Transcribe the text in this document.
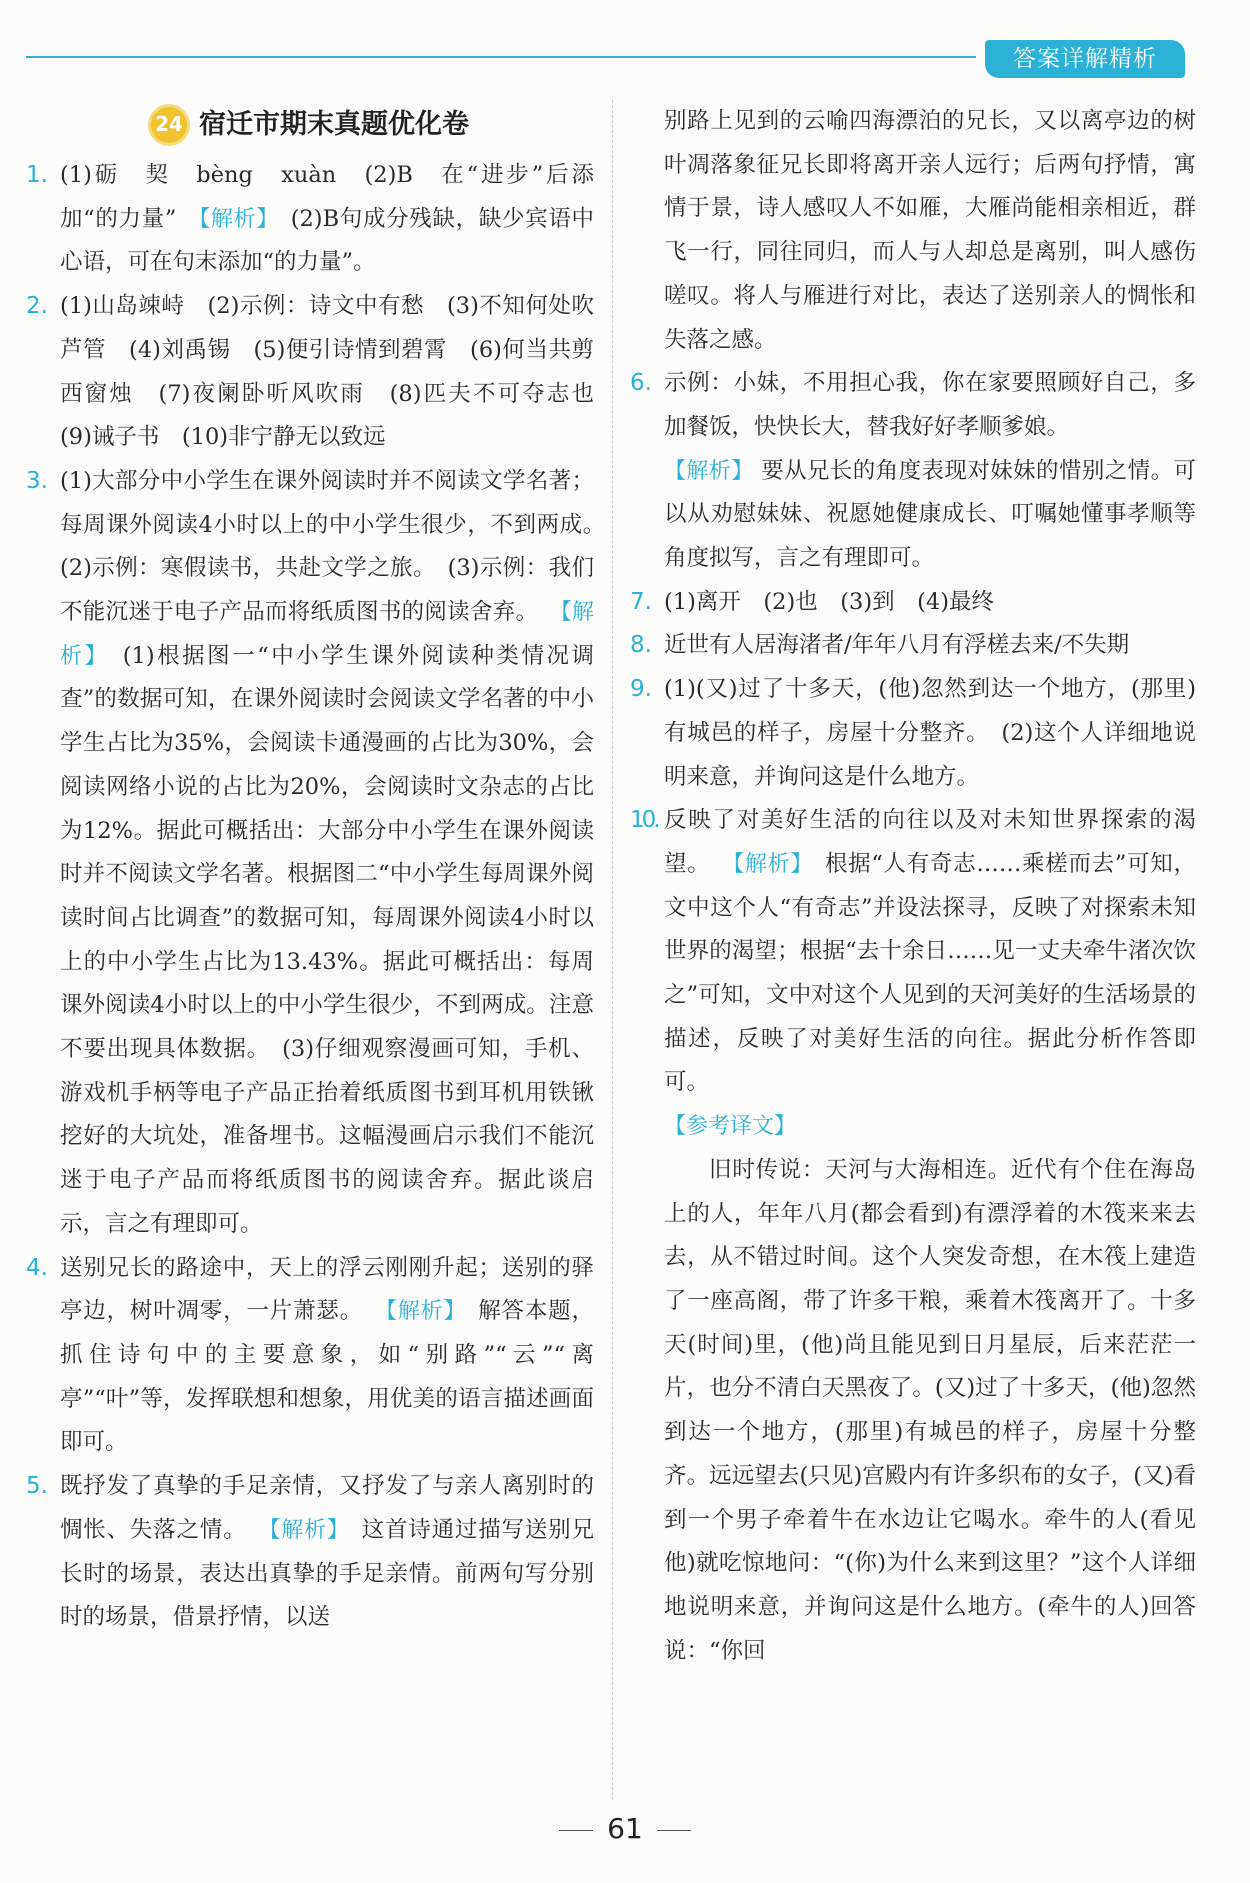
答案详解精析
24 宿迁市期末真题优化卷
1. (1)砺　契　bèng　xuàn　(2)B　在“进步”后添加“的力量” 【解析】 (2)B句成分残缺，缺少宾语中心语，可在句末添加“的力量”。
2. (1)山岛竦峙　(2)示例：诗文中有愁　(3)不知何处吹芦管　(4)刘禹锡　(5)便引诗情到碧霄　(6)何当共剪西窗烛　(7)夜阑卧听风吹雨　(8)匹夫不可夺志也　(9)诫子书　(10)非宁静无以致远
3. (1)大部分中小学生在课外阅读时并不阅读文学名著；每周课外阅读4小时以上的中小学生很少，不到两成。　(2)示例：寒假读书，共赴文学之旅。　(3)示例：我们不能沉迷于电子产品而将纸质图书的阅读舍弃。 【解析】 (1)根据图一“中小学生课外阅读种类情况调查”的数据可知，在课外阅读时会阅读文学名著的中小学生占比为35%，会阅读卡通漫画的占比为30%，会阅读网络小说的占比为20%，会阅读时文杂志的占比为12%。据此可概括出：大部分中小学生在课外阅读时并不阅读文学名著。根据图二“中小学生每周课外阅读时间占比调查”的数据可知，每周课外阅读4小时以上的中小学生占比为13.43%。据此可概括出：每周课外阅读4小时以上的中小学生很少，不到两成。注意不要出现具体数据。　(3)仔细观察漫画可知，手机、游戏机手柄等电子产品正抬着纸质图书到耳机用铁锹挖好的大坑处，准备埋书。这幅漫画启示我们不能沉迷于电子产品而将纸质图书的阅读舍弃。据此谈启示，言之有理即可。
4. 送别兄长的路途中，天上的浮云刚刚升起；送别的驿亭边，树叶凋零，一片萧瑟。 【解析】 解答本题，抓住诗句中的主要意象，如“别路”“云”“离亭”“叶”等，发挥联想和想象，用优美的语言描述画面即可。
5. 既抒发了真挚的手足亲情，又抒发了与亲人离别时的惆怅、失落之情。 【解析】 这首诗通过描写送别兄长时的场景，表达出真挚的手足亲情。前两句写分别时的场景，借景抒情，以送
别路上见到的云喻四海漂泊的兄长，又以离亭边的树叶凋落象征兄长即将离开亲人远行；后两句抒情，寓情于景，诗人感叹人不如雁，大雁尚能相亲相近，群飞一行，同往同归，而人与人却总是离别，叫人感伤嗟叹。将人与雁进行对比，表达了送别亲人的惆怅和失落之感。
6. 示例：小妹，不用担心我，你在家要照顾好自己，多加餐饭，快快长大，替我好好孝顺爹娘。
【解析】 要从兄长的角度表现对妹妹的惜别之情。可以从劝慰妹妹、祝愿她健康成长、叮嘱她懂事孝顺等角度拟写，言之有理即可。
7. (1)离开　(2)也　(3)到　(4)最终
8. 近世有人居海渚者/年年八月有浮槎去来/不失期
9. (1)(又)过了十多天，(他)忽然到达一个地方，(那里)有城邑的样子，房屋十分整齐。　(2)这个人详细地说明来意，并询问这是什么地方。
10. 反映了对美好生活的向往以及对未知世界探索的渴望。 【解析】 根据“人有奇志……乘槎而去”可知，文中这个人“有奇志”并设法探寻，反映了对探索未知世界的渴望；根据“去十余日……见一丈夫牵牛渚次饮之”可知，文中对这个人见到的天河美好的生活场景的描述，反映了对美好生活的向往。据此分析作答即可。
【参考译文】
旧时传说：天河与大海相连。近代有个住在海岛上的人，年年八月(都会看到)有漂浮着的木筏来来去去，从不错过时间。这个人突发奇想，在木筏上建造了一座高阁，带了许多干粮，乘着木筏离开了。十多天(时间)里，(他)尚且能见到日月星辰，后来茫茫一片，也分不清白天黑夜了。(又)过了十多天，(他)忽然到达一个地方，(那里)有城邑的样子，房屋十分整齐。远远望去(只见)宫殿内有许多织布的女子，(又)看到一个男子牵着牛在水边让它喝水。牵牛的人(看见他)就吃惊地问：“(你)为什么来到这里？”这个人详细地说明来意，并询问这是什么地方。(牵牛的人)回答说：“你回
61
